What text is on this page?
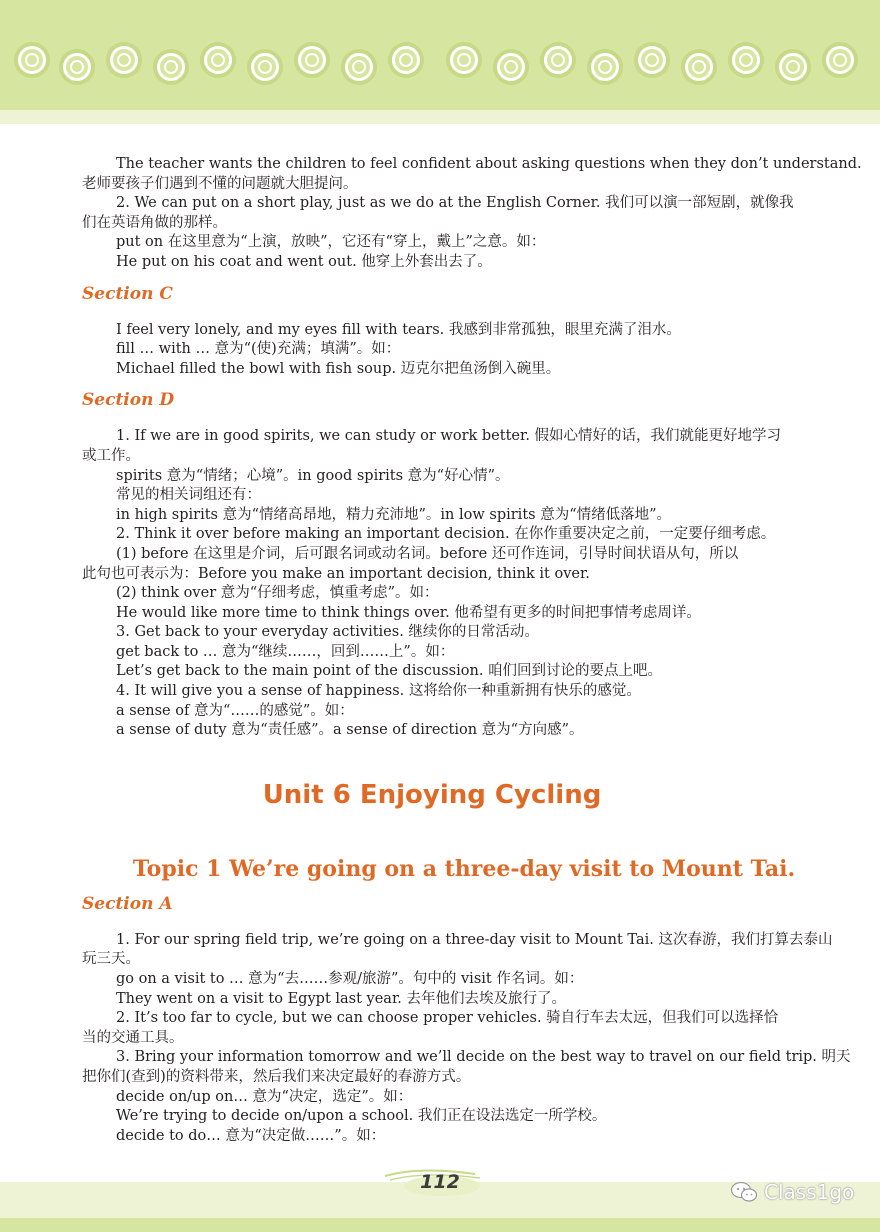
The teacher wants the children to feel confident about asking questions when they don’t understand.
老师要孩子们遇到不懂的问题就大胆提问。
2. We can put on a short play, just as we do at the English Corner. 我们可以演一部短剧，就像我
们在英语角做的那样。
put on 在这里意为“上演，放映”，它还有“穿上，戴上”之意。如：
He put on his coat and went out. 他穿上外套出去了。
Section C
I feel very lonely, and my eyes fill with tears. 我感到非常孤独，眼里充满了泪水。
fill … with … 意为“(使)充满；填满”。如：
Michael filled the bowl with fish soup. 迈克尔把鱼汤倒入碗里。
Section D
1. If we are in good spirits, we can study or work better. 假如心情好的话，我们就能更好地学习
或工作。
spirits 意为“情绪；心境”。in good spirits 意为“好心情”。
常见的相关词组还有：
in high spirits 意为“情绪高昂地，精力充沛地”。in low spirits 意为“情绪低落地”。
2. Think it over before making an important decision. 在你作重要决定之前，一定要仔细考虑。
(1) before 在这里是介词，后可跟名词或动名词。before 还可作连词，引导时间状语从句，所以
此句也可表示为：Before you make an important decision, think it over.
(2) think over 意为“仔细考虑，慎重考虑”。如：
He would like more time to think things over. 他希望有更多的时间把事情考虑周详。
3. Get back to your everyday activities. 继续你的日常活动。
get back to … 意为“继续……，回到……上”。如：
Let’s get back to the main point of the discussion. 咱们回到讨论的要点上吧。
4. It will give you a sense of happiness. 这将给你一种重新拥有快乐的感觉。
a sense of 意为“……的感觉”。如：
a sense of duty 意为“责任感”。a sense of direction 意为“方向感”。
Unit 6 Enjoying Cycling
Topic 1 We’re going on a three-day visit to Mount Tai.
Section A
1. For our spring field trip, we’re going on a three-day visit to Mount Tai. 这次春游，我们打算去泰山
玩三天。
go on a visit to … 意为“去……参观/旅游”。句中的 visit 作名词。如：
They went on a visit to Egypt last year. 去年他们去埃及旅行了。
2. It’s too far to cycle, but we can choose proper vehicles. 骑自行车去太远，但我们可以选择恰
当的交通工具。
3. Bring your information tomorrow and we’ll decide on the best way to travel on our field trip. 明天
把你们(查到)的资料带来，然后我们来决定最好的春游方式。
decide on/up on… 意为“决定，选定”。如：
We’re trying to decide on/upon a school. 我们正在设法选定一所学校。
decide to do… 意为“决定做……”。如：
112	Class1go
